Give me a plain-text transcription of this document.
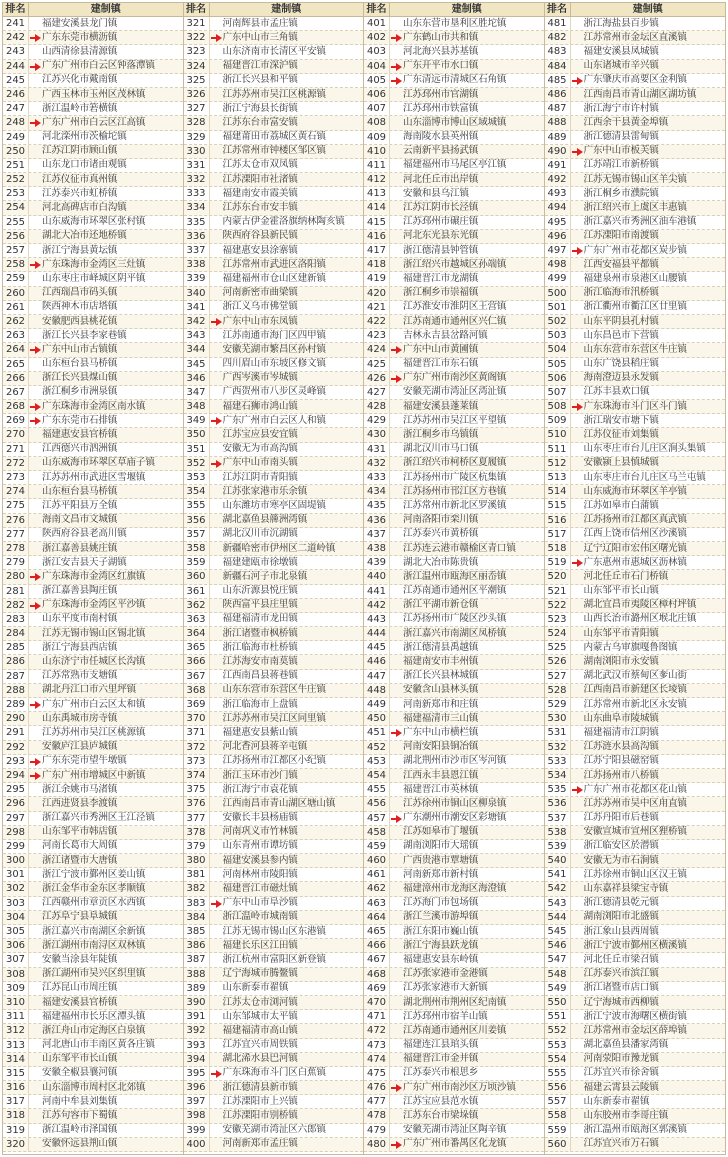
排名	建制镇
241	福建安溪县龙门镇
242	广东东莞市横沥镇
243	山西清徐县清源镇
244	广东广州市白云区钟落潭镇
245	江苏兴化市戴南镇
246	广西玉林市玉州区茂林镇
247	浙江温岭市箬横镇
248	广东广州市白云区江高镇
249	河北滦州市茨榆坨镇
250	江苏江阴市顾山镇
251	山东龙口市诸由观镇
252	江苏仪征市真州镇
253	江苏泰兴市虹桥镇
254	河北高碑店市白沟镇
255	山东威海市环翠区张村镇
256	湖北大冶市还地桥镇
257	浙江宁海县黄坛镇
258	广东珠海市金湾区三灶镇
259	山东枣庄市峄城区阴平镇
260	江西瑞昌市码头镇
261	陕西神木市店塔镇
262	安徽肥西县桃花镇
263	浙江长兴县李家巷镇
264	广东中山市古镇镇
265	山东桓台县马桥镇
266	浙江长兴县煤山镇
267	浙江桐乡市洲泉镇
268	广东珠海市金湾区南水镇
269	广东东莞市石排镇
270	福建惠安县官桥镇
271	江西德兴市泗洲镇
272	山东威海市环翠区草庙子镇
273	江苏苏州市武进区雪堰镇
274	山东桓台县马桥镇
275	江苏平阳县万全镇
276	海南文昌市文城镇
277	陕西府谷县老高川镇
278	浙江嘉善县姚庄镇
279	浙江安吉县天子湖镇
280	广东珠海市金湾区红旗镇
281	浙江嘉善县陶庄镇
282	广东珠海市金湾区平沙镇
283	山东平度市南村镇
284	江苏无锡市锡山区锡北镇
285	浙江宁海县西店镇
286	山东济宁市任城区长沟镇
287	江苏常熟市支塘镇
288	湖北丹江口市六里坪镇
289	广东广州市白云区太和镇
290	山东禹城市房寺镇
291	江苏苏州市吴江区桃源镇
292	安徽庐江县庐城镇
293	广东东莞市望牛墩镇
294	广东广州市增城区中新镇
295	浙江余姚市马渚镇
296	江西进贤县李渡镇
297	浙江嘉兴市秀洲区王江泾镇
298	山东邹平市韩店镇
299	河南长葛市大周镇
300	浙江诸暨市大唐镇
301	浙江宁波市鄞州区姜山镇
302	浙江金华市金东区孝顺镇
303	江西赣州市章贡区水西镇
304	江苏阜宁县阜城镇
305	浙江嘉兴市南湖区余新镇
306	浙江湖州市南浔区双林镇
307	安徽当涂县年陡镇
308	浙江湖州市吴兴区织里镇
309	江苏昆山市周庄镇
310	福建安溪县官桥镇
311	福建福州市长乐区潭头镇
312	浙江舟山市定海区白泉镇
313	河北唐山市丰南区黄各庄镇
314	山东邹平市长山镇
315	安徽全椒县襄河镇
316	山东淄博市周村区北郊镇
317	河南中牟县刘集镇
318	江苏句容市下蜀镇
319	浙江温岭市泽国镇
320	安徽怀远县荆山镇
排名	建制镇
321	河南辉县市孟庄镇
322	广东中山市三角镇
323	山东济南市长清区平安镇
324	福建晋江市深沪镇
325	浙江长兴县和平镇
326	江苏苏州市吴江区桃源镇
327	浙江宁海县长街镇
328	江苏东台市富安镇
329	福建莆田市荔城区黄石镇
330	江苏常州市钟楼区邹区镇
331	江苏太仓市双凤镇
332	江苏溧阳市社渚镇
333	福建南安市霞美镇
334	江苏东台市安丰镇
335	内蒙古伊金霍洛旗纳林陶亥镇
336	陕西府谷县新民镇
337	福建惠安县涂寨镇
338	江苏常州市武进区洛阳镇
339	福建福州市仓山区建新镇
340	河南新密市曲梁镇
341	浙江义乌市佛堂镇
342	广东中山市东凤镇
343	江苏南通市海门区四甲镇
344	安徽芜湖市繁昌区孙村镇
345	四川眉山市东坡区修文镇
346	广西岑溪市岑城镇
347	广西贺州市八步区灵峰镇
348	福建石狮市鸿山镇
349	广东广州市白云区人和镇
350	江苏宝应县安宜镇
351	安徽无为市高沟镇
352	广东中山市南头镇
353	江苏江阴市青阳镇
354	江苏张家港市乐余镇
355	山东潍坊市寒亭区固堤镇
356	湖北嘉鱼县簰洲湾镇
357	湖北汉川市沉湖镇
358	新疆哈密市伊州区二道岭镇
359	福建建瓯市徐墩镇
360	新疆石河子市北泉镇
361	山东沂源县悦庄镇
362	陕西富平县庄里镇
363	福建福清市龙田镇
364	浙江诸暨市枫桥镇
365	浙江临海市杜桥镇
366	江苏海安市南莫镇
367	江西南昌县蒋巷镇
368	山东东营市东营区牛庄镇
369	浙江临海市上盘镇
370	江苏苏州市吴江区同里镇
371	福建惠安县紫山镇
372	河北香河县蒋辛屯镇
373	江苏扬州市江都区小纪镇
374	浙江玉环市沙门镇
375	浙江海宁市袁花镇
376	江西南昌市青山湖区塘山镇
377	安徽长丰县杨庙镇
378	河南巩义市竹林镇
379	山东青州市谭坊镇
380	福建安溪县参内镇
381	河南林州市陵阳镇
382	福建晋江市磁灶镇
383	广东中山市阜沙镇
384	浙江温岭市城南镇
385	江苏无锡市锡山区东港镇
386	福建长乐区江田镇
387	浙江杭州市富阳区新登镇
388	辽宁海城市腾鳌镇
389	山东新泰市翟镇
390	江苏太仓市浏河镇
391	山东邹城市太平镇
392	福建福清市高山镇
393	江苏宜兴市周铁镇
394	湖北浠水县巴河镇
395	广东珠海市斗门区白蕉镇
396	浙江德清县新市镇
397	江苏溧阳市上兴镇
398	江苏溧阳市别桥镇
399	安徽芜湖市湾沚区六郎镇
400	河南新郑市孟庄镇
排名	建制镇
401	山东东营市垦利区胜坨镇
402	广东鹤山市共和镇
403	河北海兴县苏基镇
404	广东开平市水口镇
405	广东清远市清城区石角镇
406	江苏邳州市官湖镇
407	江苏邳州市铁富镇
408	山东淄博市博山区域城镇
409	海南陵水县英州镇
410	云南新平县扬武镇
411	福建福州市马尾区亭江镇
412	河北任丘市出岸镇
413	安徽和县乌江镇
414	江苏江阴市长泾镇
415	江苏邳州市碾庄镇
416	河北东光县东光镇
417	浙江德清县钟管镇
418	浙江绍兴市越城区孙端镇
419	福建晋江市龙湖镇
420	浙江桐乡市崇福镇
421	江苏淮安市淮阴区王营镇
422	江苏南通市通州区兴仁镇
423	吉林永吉县岔路河镇
424	广东中山市黄圃镇
425	福建晋江市东石镇
426	广东广州市南沙区黄阁镇
427	安徽芜湖市湾沚区湾沚镇
428	福建安溪县蓬莱镇
429	江苏苏州市吴江区平望镇
430	浙江桐乡市乌镇镇
431	湖北汉川市马口镇
432	浙江绍兴市柯桥区夏履镇
433	江苏扬州市广陵区杭集镇
434	江苏扬州市邗江区方巷镇
435	江苏常州市新北区罗溪镇
436	河南洛阳市栾川镇
437	江苏泰兴市黄桥镇
438	江苏连云港市赣榆区青口镇
439	湖北大冶市陈贵镇
440	浙江温州市瓯海区丽岙镇
441	江苏南通市通州区平潮镇
442	浙江平湖市新仓镇
443	江苏扬州市广陵区沙头镇
444	浙江嘉兴市南湖区凤桥镇
445	浙江德清县禹越镇
446	福建南安市丰州镇
447	浙江长兴县林城镇
448	安徽含山县林头镇
449	河南新郑市和庄镇
450	福建福清市三山镇
451	广东中山市横栏镇
452	河南安阳县铜冶镇
453	湖北荆州市沙市区岑河镇
454	江西永丰县恩江镇
455	福建晋江市英林镇
456	江苏徐州市铜山区柳泉镇
457	广东潮州市潮安区彩塘镇
458	江苏如皋市丁堰镇
459	湖南浏阳市大瑶镇
460	广西贵港市覃塘镇
461	河南新郑市新村镇
462	福建漳州市龙海区海澄镇
463	江苏海门市包场镇
464	浙江兰溪市游埠镇
465	浙江东阳市巍山镇
466	浙江宁海县跃龙镇
467	福建惠安县东岭镇
468	江苏张家港市金港镇
469	江苏张家港市大新镇
470	湖北荆州市荆州区纪南镇
471	江苏邳州市宿羊山镇
472	江苏南通市通州区川姜镇
473	福建连江县琯头镇
474	福建晋江市金井镇
475	江苏泰兴市根思乡
476	广东广州市南沙区万顷沙镇
477	江苏宝应县范水镇
478	江苏东台市梁垛镇
479	安徽芜湖市湾沚区陶辛镇
480	广东广州市番禺区化龙镇
排名	建制镇
481	浙江海盐县百步镇
482	江苏常州市金坛区直溪镇
483	福建安溪县凤城镇
484	山东诸城市辛兴镇
485	广东肇庆市高要区金利镇
486	江西南昌市青山湖区湖坊镇
487	浙江海宁市许村镇
488	江西余干县黄金埠镇
489	浙江德清县雷甸镇
490	广东中山市板芙镇
491	江苏靖江市新桥镇
492	江苏无锡市锡山区羊尖镇
493	浙江桐乡市濮院镇
494	浙江绍兴市上虞区丰惠镇
495	浙江嘉兴市秀洲区油车港镇
496	江苏溧阳市南渡镇
497	广东广州市花都区炭步镇
498	江西安福县平都镇
499	福建泉州市泉港区山腰镇
500	浙江临海市汛桥镇
501	浙江衢州市衢江区廿里镇
502	山东平阴县孔村镇
503	山东昌邑市下营镇
504	山东东营市东营区牛庄镇
505	山东广饶县稻庄镇
506	海南澄迈县永发镇
507	江苏丰县欢口镇
508	广东珠海市斗门区斗门镇
509	浙江瑞安市塘下镇
510	江苏仪征市刘集镇
511	山东枣庄市台儿庄区涧头集镇
512	安徽颍上县慎城镇
513	山东枣庄市台儿庄区马兰屯镇
514	山东威海市环翠区羊亭镇
515	江苏如皋市白蒲镇
516	江苏扬州市江都区真武镇
517	江西上饶市信州区沙溪镇
518	辽宁辽阳市宏伟区曙光镇
519	广东惠州市惠城区沥林镇
520	河北任丘市石门桥镇
521	山东邹平市长山镇
522	湖北宜昌市夷陵区樟村坪镇
523	山西长治市潞州区堠北庄镇
524	山东邹平市青阳镇
525	内蒙古乌审旗嘎鲁图镇
526	湖南浏阳市永安镇
527	湖北武汉市蔡甸区奓山街
528	江西南昌市新建区长堎镇
529	江苏常州市新北区永安镇
530	山东曲阜市陵城镇
531	福建福清市江阴镇
532	江苏涟水县高沟镇
533	江苏宁阳县磁窑镇
534	江苏扬州市八桥镇
535	广东广州市花都区花山镇
536	江苏苏州市吴中区甪直镇
537	江苏丹阳市后巷镇
538	安徽宣城市宣州区狸桥镇
539	浙江临安区於潜镇
540	安徽无为市石涧镇
541	江苏徐州市铜山区汉王镇
542	山东嘉祥县梁宝寺镇
543	浙江德清县乾元镇
544	湖南浏阳市北盛镇
545	浙江象山县西周镇
546	浙江宁波市鄞州区横溪镇
547	河北任丘市梁召镇
548	江苏泰兴市滨江镇
549	浙江诸暨市店口镇
550	辽宁海城市西柳镇
551	浙江宁波市海曙区横街镇
552	江苏常州市金坛区薛埠镇
553	湖北嘉鱼县潘家湾镇
554	河南荥阳市豫龙镇
555	江苏宜兴市徐舍镇
556	福建云霄县云陵镇
557	山东新泰市翟镇
558	山东胶州市李哥庄镇
559	浙江温州市瓯海区郭溪镇
560	江苏宜兴市万石镇
